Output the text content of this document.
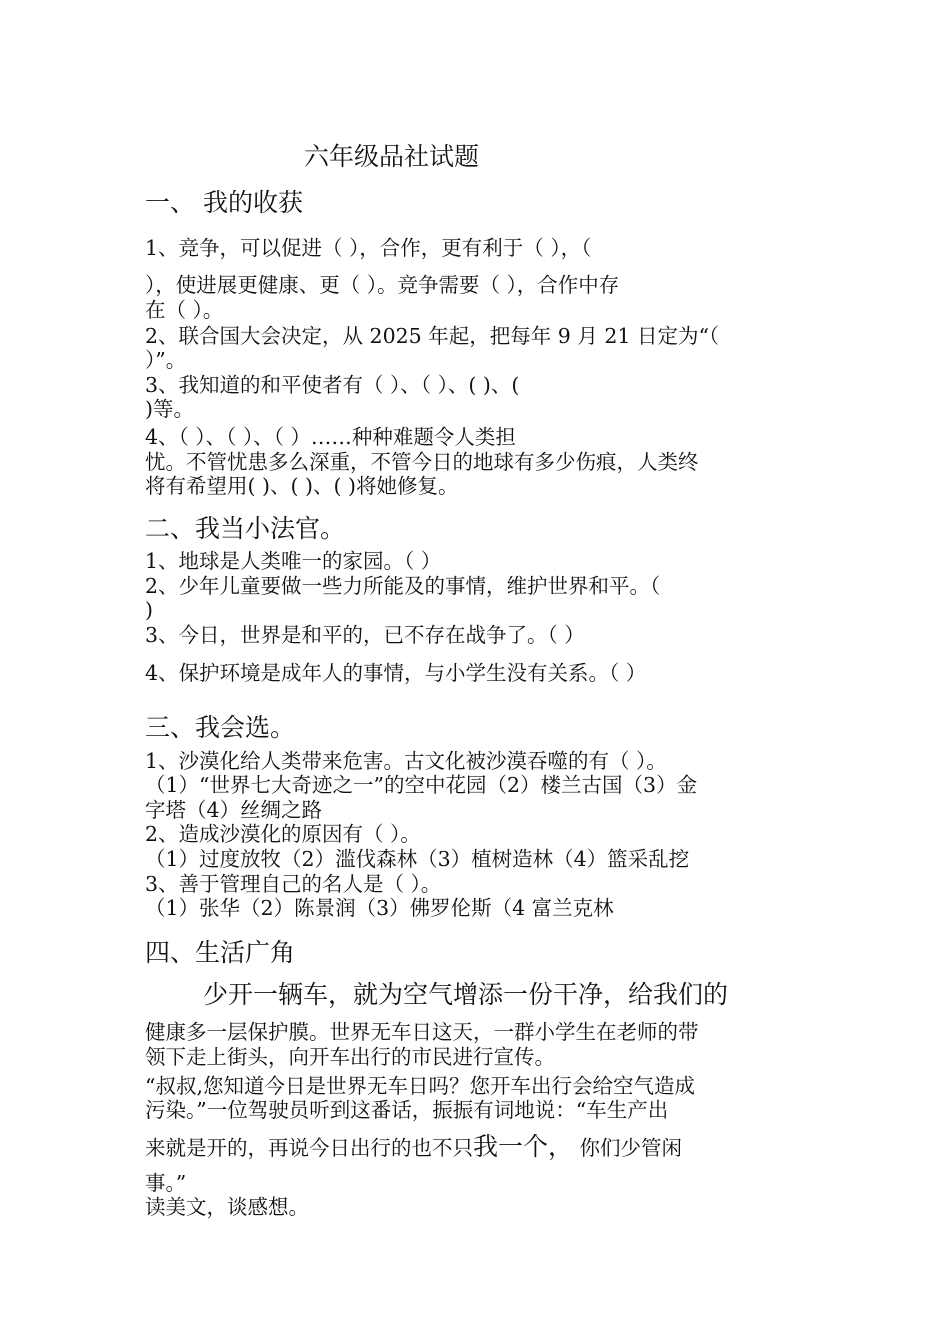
六年级品社试题
一、 我的收获
1、竞争，可以促进（ ），合作，更有利于（ ），（
），使进展更健康、更（ ）。竞争需要（ ），合作中存
在（ ）。
2、联合国大会决定，从 2025 年起，把每年 9 月 21 日定为“（
）”。
3、我知道的和平使者有（ ）、（ ）、( )、(
)等。
4、（ ）、（ ）、（ ）……种种难题令人类担
忧。不管忧患多么深重，不管今日的地球有多少伤痕，人类终
将有希望用( )、( )、( )将她修复。
二、我当小法官。
1、地球是人类唯一的家园。（ ）
2、少年儿童要做一些力所能及的事情，维护世界和平。（
)
3、今日，世界是和平的，已不存在战争了。（ ）
4、保护环境是成年人的事情，与小学生没有关系。（ ）
三、我会选。
1、沙漠化给人类带来危害。古文化被沙漠吞噬的有（ ）。
（1）“世界七大奇迹之一”的空中花园（2）楼兰古国（3）金
字塔（4）丝绸之路
2、造成沙漠化的原因有（ ）。
（1）过度放牧（2）滥伐森林（3）植树造林（4）篮采乱挖
3、善于管理自己的名人是（ ）。
（1）张华（2）陈景润（3）佛罗伦斯（4 富兰克林
四、生活广角
少开一辆车，就为空气增添一份干净，给我们的
健康多一层保护膜。世界无车日这天，一群小学生在老师的带
领下走上街头，向开车出行的市民进行宣传。
“叔叔,您知道今日是世界无车日吗？您开车出行会给空气造成
污染。”一位驾驶员听到这番话，振振有词地说：“车生产出
来就是开的，再说今日出行的也不只我一个， 你们少管闲
事。”
读美文，谈感想。
